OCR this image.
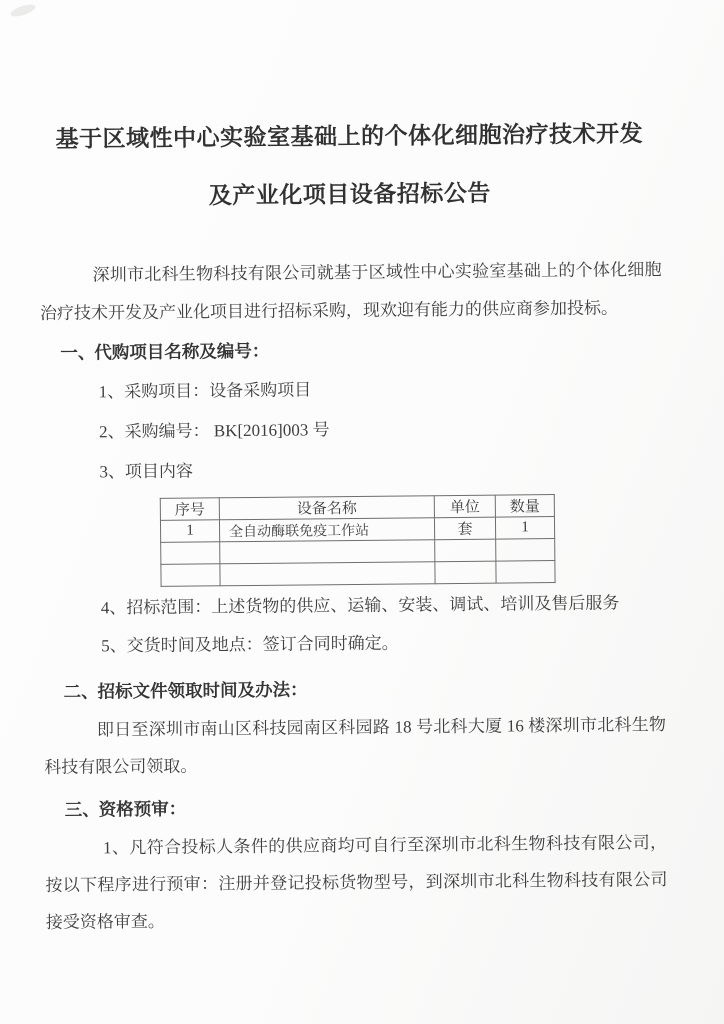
基于区域性中心实验室基础上的个体化细胞治疗技术开发
及产业化项目设备招标公告

深圳市北科生物科技有限公司就基于区域性中心实验室基础上的个体化细胞治疗技术开发及产业化项目进行招标采购，现欢迎有能力的供应商参加投标。

一、代购项目名称及编号：
1、采购项目：设备采购项目
2、采购编号： BK[2016]003 号
3、项目内容
序号	设备名称	单位	数量
1	全自动酶联免疫工作站	套	1

4、招标范围：上述货物的供应、运输、安装、调试、培训及售后服务
5、交货时间及地点：签订合同时确定。
二、招标文件领取时间及办法：

即日至深圳市南山区科技园南区科园路 18 号北科大厦 16 楼深圳市北科生物科技有限公司领取。

三、资格预审：

1、凡符合投标人条件的供应商均可自行至深圳市北科生物科技有限公司，按以下程序进行预审：注册并登记投标货物型号，到深圳市北科生物科技有限公司接受资格审查。
